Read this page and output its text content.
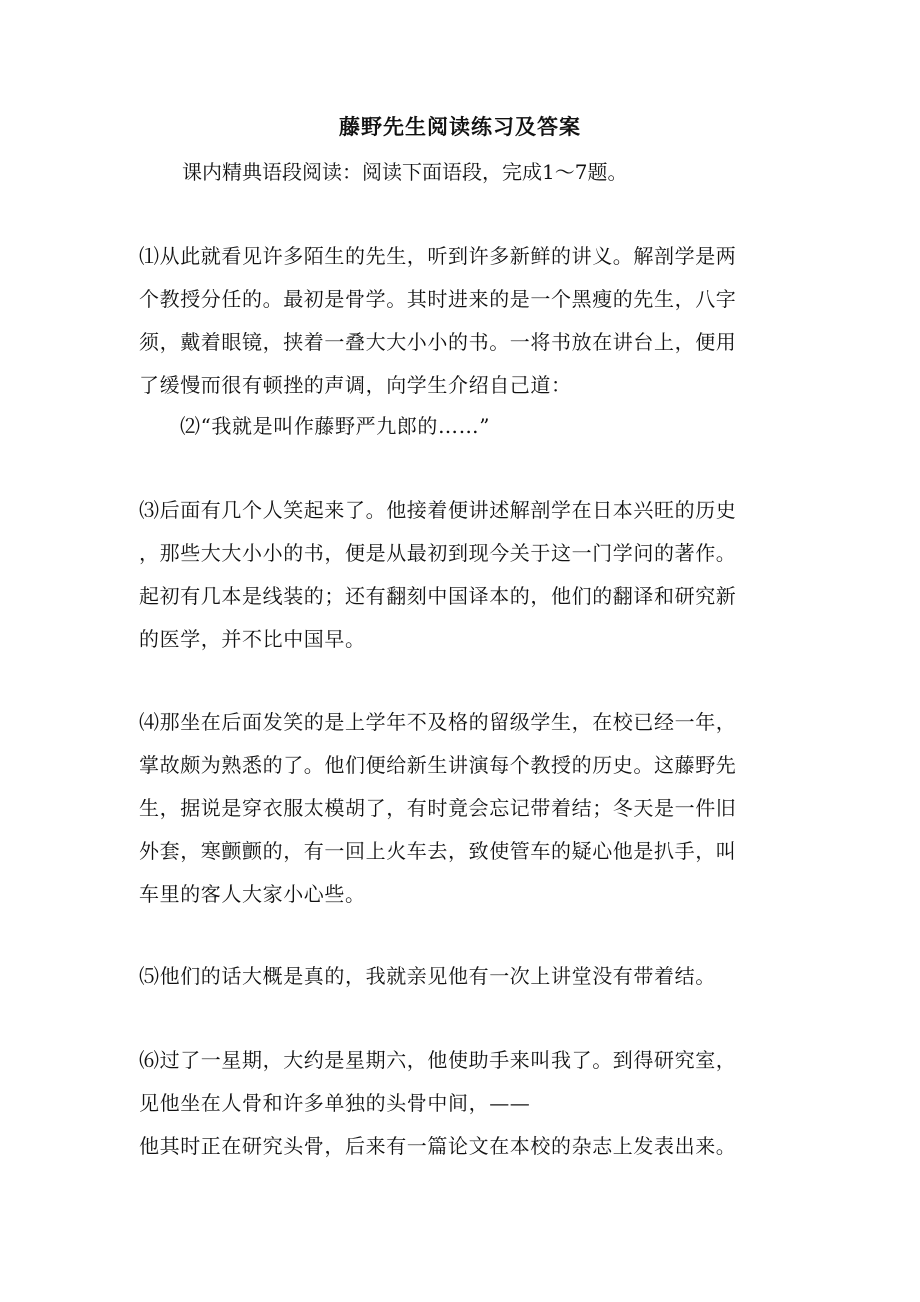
藤野先生阅读练习及答案
课内精典语段阅读：阅读下面语段，完成1～7题。
⑴从此就看见许多陌生的先生，听到许多新鲜的讲义。解剖学是两
个教授分任的。最初是骨学。其时进来的是一个黑瘦的先生，八字
须，戴着眼镜，挟着一叠大大小小的书。一将书放在讲台上，便用
了缓慢而很有顿挫的声调，向学生介绍自己道：
⑵“我就是叫作藤野严九郎的……”
⑶后面有几个人笑起来了。他接着便讲述解剖学在日本兴旺的历史
，那些大大小小的书，便是从最初到现今关于这一门学问的著作。
起初有几本是线装的；还有翻刻中国译本的，他们的翻译和研究新
的医学，并不比中国早。
⑷那坐在后面发笑的是上学年不及格的留级学生，在校已经一年，
掌故颇为熟悉的了。他们便给新生讲演每个教授的历史。这藤野先
生，据说是穿衣服太模胡了，有时竟会忘记带着结；冬天是一件旧
外套，寒颤颤的，有一回上火车去，致使管车的疑心他是扒手，叫
车里的客人大家小心些。
⑸他们的话大概是真的，我就亲见他有一次上讲堂没有带着结。
⑹过了一星期，大约是星期六，他使助手来叫我了。到得研究室，
见他坐在人骨和许多单独的头骨中间，——
他其时正在研究头骨，后来有一篇论文在本校的杂志上发表出来。
